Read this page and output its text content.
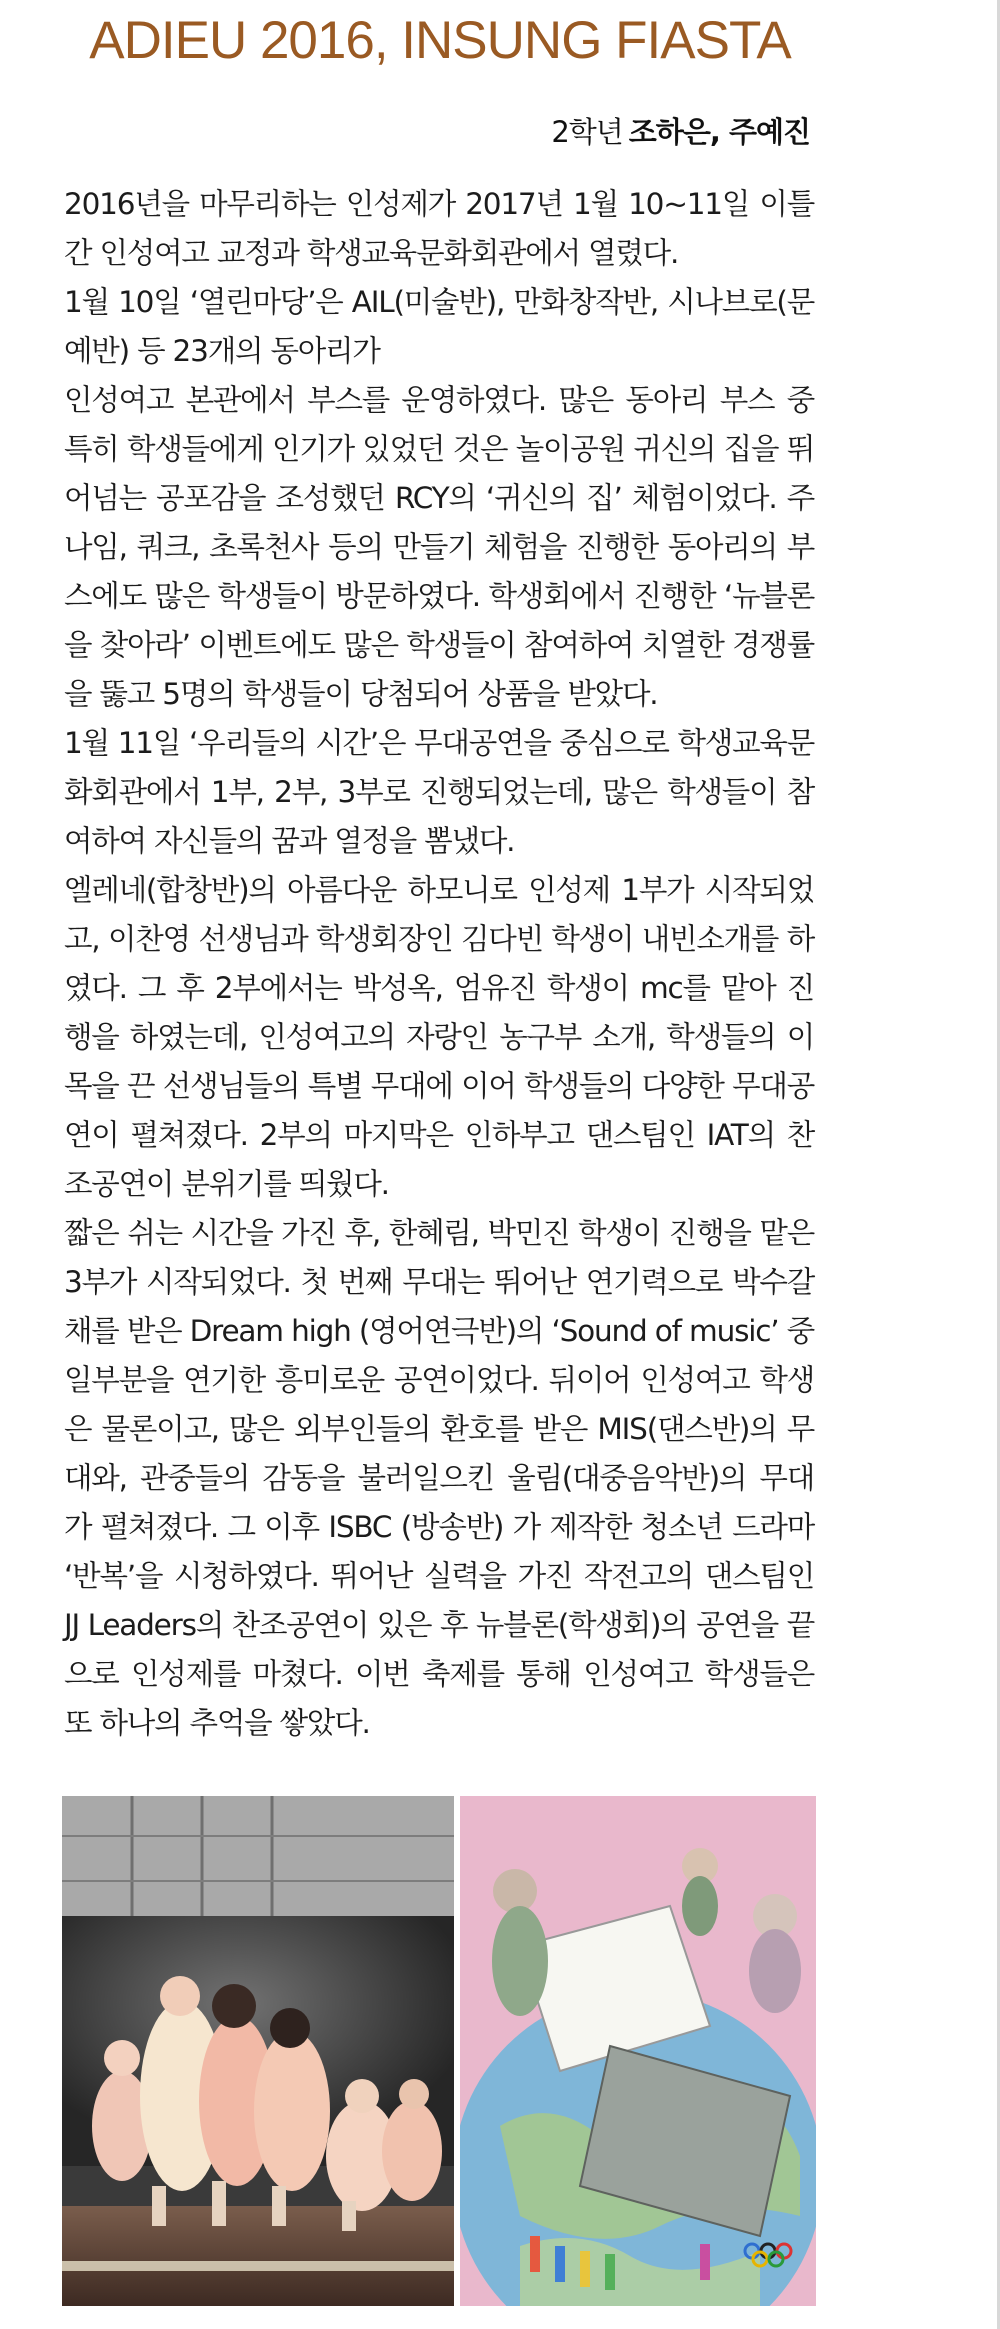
ADIEU 2016, INSUNG FIASTA
2학년 조하은, 주예진

2016년을 마무리하는 인성제가 2017년 1월 10~11일 이틀간 인성여고 교정과 학생교육문화회관에서 열렸다.

1월 10일 ‘열린마당’은 AIL(미술반), 만화창작반, 시나브로(문예반) 등 23개의 동아리가

인성여고 본관에서 부스를 운영하였다. 많은 동아리 부스 중 특히 학생들에게 인기가 있었던 것은 놀이공원 귀신의 집을 뛰어넘는 공포감을 조성했던 RCY의 ‘귀신의 집’ 체험이었다. 주나임, 쿼크, 초록천사 등의 만들기 체험을 진행한 동아리의 부스에도 많은 학생들이 방문하였다. 학생회에서 진행한 ‘뉴블론을 찾아라’ 이벤트에도 많은 학생들이 참여하여 치열한 경쟁률을 뚫고 5명의 학생들이 당첨되어 상품을 받았다.

1월 11일 ‘우리들의 시간’은 무대공연을 중심으로 학생교육문화회관에서 1부, 2부, 3부로 진행되었는데, 많은 학생들이 참여하여 자신들의 꿈과 열정을 뽐냈다.

엘레네(합창반)의 아름다운 하모니로 인성제 1부가 시작되었고, 이찬영 선생님과 학생회장인 김다빈 학생이 내빈소개를 하였다. 그 후 2부에서는 박성옥, 엄유진 학생이 mc를 맡아 진행을 하였는데, 인성여고의 자랑인 농구부 소개, 학생들의 이목을 끈 선생님들의 특별 무대에 이어 학생들의 다양한 무대공연이 펼쳐졌다. 2부의 마지막은 인하부고 댄스팀인 IAT의 찬조공연이 분위기를 띄웠다.

짧은 쉬는 시간을 가진 후, 한혜림, 박민진 학생이 진행을 맡은 3부가 시작되었다. 첫 번째 무대는 뛰어난 연기력으로 박수갈채를 받은 Dream high (영어연극반)의 ‘Sound of music’ 중 일부분을 연기한 흥미로운 공연이었다. 뒤이어 인성여고 학생은 물론이고, 많은 외부인들의 환호를 받은 MIS(댄스반)의 무대와, 관중들의 감동을 불러일으킨 울림(대중음악반)의 무대가 펼쳐졌다. 그 이후 ISBC (방송반) 가 제작한 청소년 드라마 ‘반복’을 시청하였다. 뛰어난 실력을 가진 작전고의 댄스팀인 JJ Leaders의 찬조공연이 있은 후 뉴블론(학생회)의 공연을 끝으로 인성제를 마쳤다. 이번 축제를 통해 인성여고 학생들은 또 하나의 추억을 쌓았다.
